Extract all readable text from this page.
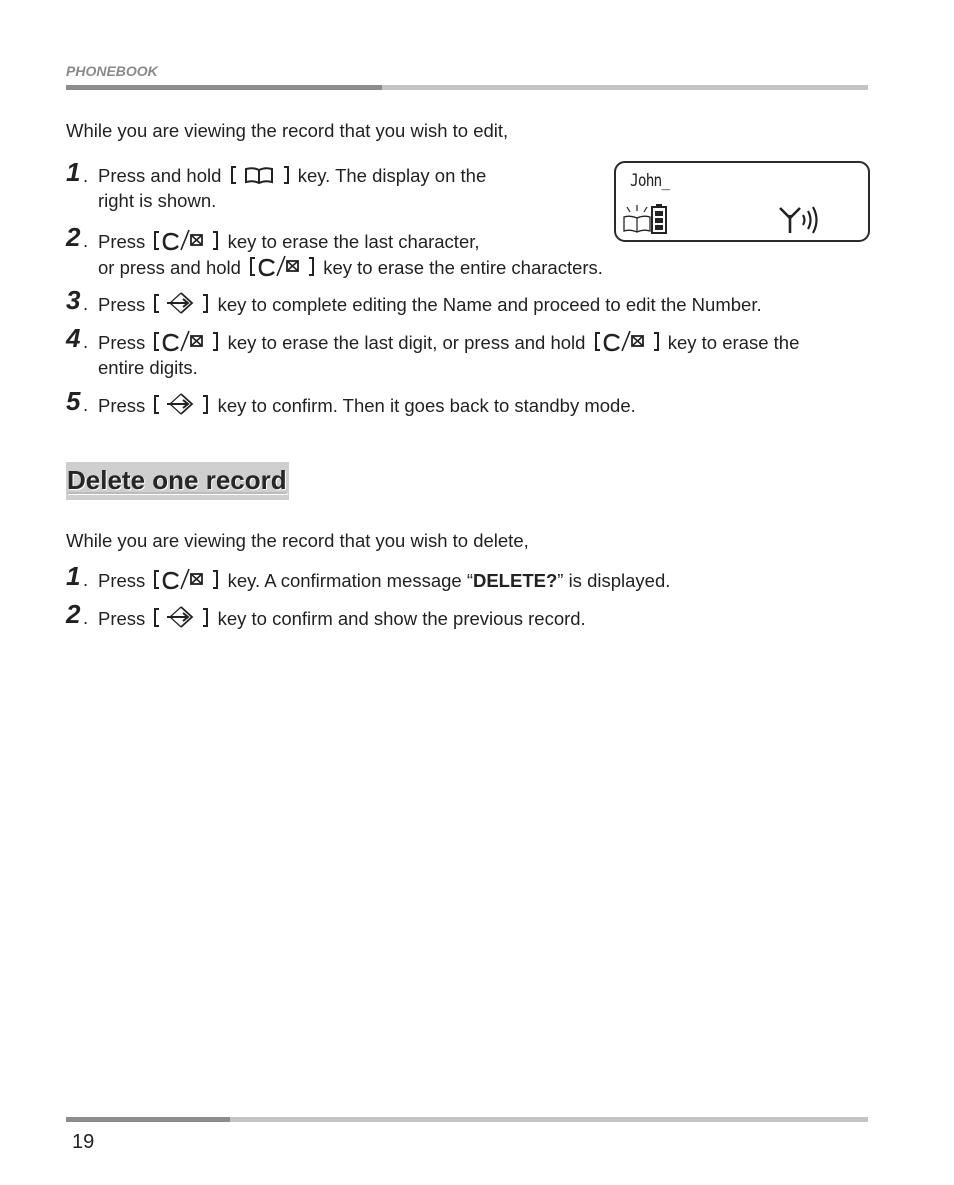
PHONEBOOK
While you are viewing the record that you wish to edit,
1 . Press and hold	key. The display on the
right is shown.
2 . Press	key to erase the last character,
or press and hold	key to erase the entire characters.
3 . Press	key to complete editing the Name and proceed to edit the Number.
4 . Press	key to erase the last digit, or press and hold	key to erase the
entire digits.
5 . Press	key to confirm. Then it goes back to standby mode.
John_
Delete one record
While you are viewing the record that you wish to delete,
1 . Press	key. A confirmation message “DELETE?” is displayed.
2 . Press	key to confirm and show the previous record.
19
